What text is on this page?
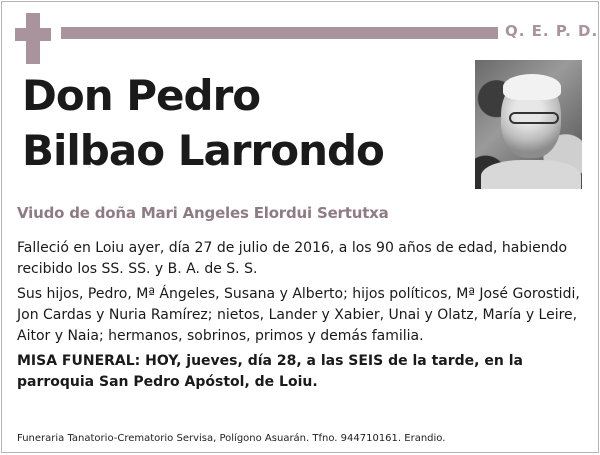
Q. E. P. D.
Don Pedro
Bilbao Larrondo
Viudo de doña Mari Angeles Elordui Sertutxa

Falleció en Loiu ayer, día 27 de julio de 2016, a los 90 años de edad, habiendo recibido los SS. SS. y B. A. de S. S.

Sus hijos, Pedro, Mª Ángeles, Susana y Alberto; hijos políticos, Mª José Gorostidi, Jon Cardas y Nuria Ramírez; nietos, Lander y Xabier, Unai y Olatz, María y Leire, Aitor y Naia; hermanos, sobrinos, primos y demás familia.

MISA FUNERAL: HOY, jueves, día 28, a las SEIS de la tarde, en la parroquia San Pedro Apóstol, de Loiu.

Funeraria Tanatorio-Crematorio Servisa, Polígono Asuarán. Tfno. 944710161. Erandio.
